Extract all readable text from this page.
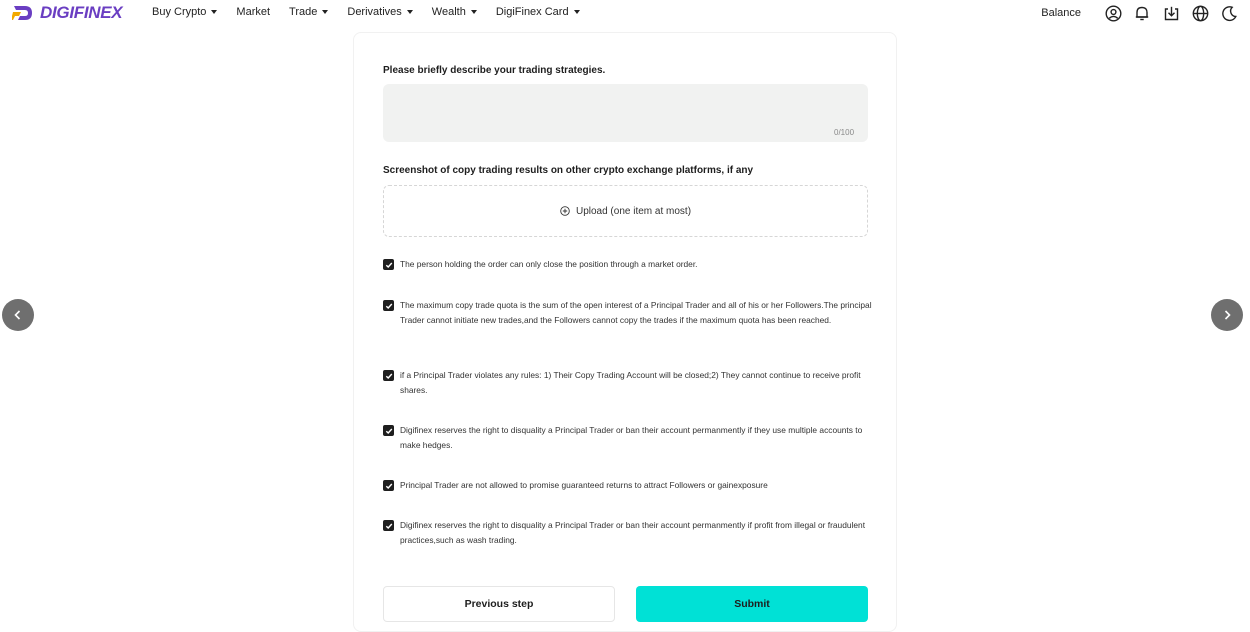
DIGIFINEX	Buy Crypto	Market Trade	Derivatives	Wealth	DigiFinex Card	Balance
Please briefly describe your trading strategies.
0/100
Screenshot of copy trading results on other crypto exchange platforms, if any
Upload (one item at most)
The person holding the order can only close the position through a market order.
The maximum copy trade quota is the sum of the open interest of a Principal Trader and all of his or her Followers.The principal Trader cannot initiate new trades,and the Followers cannot copy the trades if the maximum quota has been reached.
if a Principal Trader violates any rules: 1) Their Copy Trading Account will be closed;2) They cannot continue to receive profit shares.
Digifinex reserves the right to disquality a Principal Trader or ban their account permanmently if they use multiple accounts to make hedges.
Principal Trader are not allowed to promise guaranteed returns to attract Followers or gainexposure
Digifinex reserves the right to disquality a Principal Trader or ban their account permanmently if profit from illegal or fraudulent practices,such as wash trading.
Previous step	Submit
